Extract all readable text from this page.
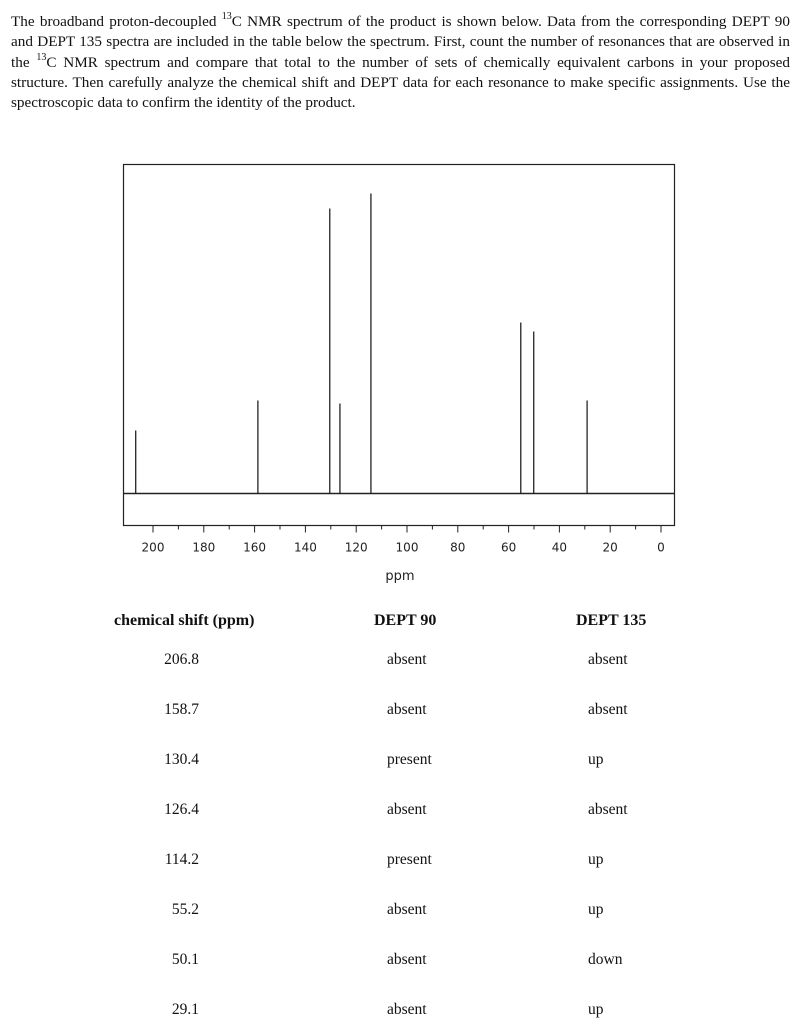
The broadband proton-decoupled $^{13}$C NMR spectrum of the product is shown below. Data from the corresponding DEPT 90 and DEPT 135 spectra are included in the table below the spectrum. First, count the number of resonances that are observed in the $^{13}$C NMR spectrum and compare that total to the number of sets of chemically equivalent carbons in your proposed structure. Then carefully analyze the chemical shift and DEPT data for each resonance to make specific assignments. Use the spectroscopic data to confirm the identity of the product.

200 180 160 140 120 100	80	60	40	20	0
ppm
chemical shift (ppm)	DEPT 90	DEPT 135
206.8	absent	absent
158.7	absent	absent
130.4	present	up
126.4	absent	absent
114.2	present	up
55.2	absent	up
50.1	absent	down
29.1	absent	up
